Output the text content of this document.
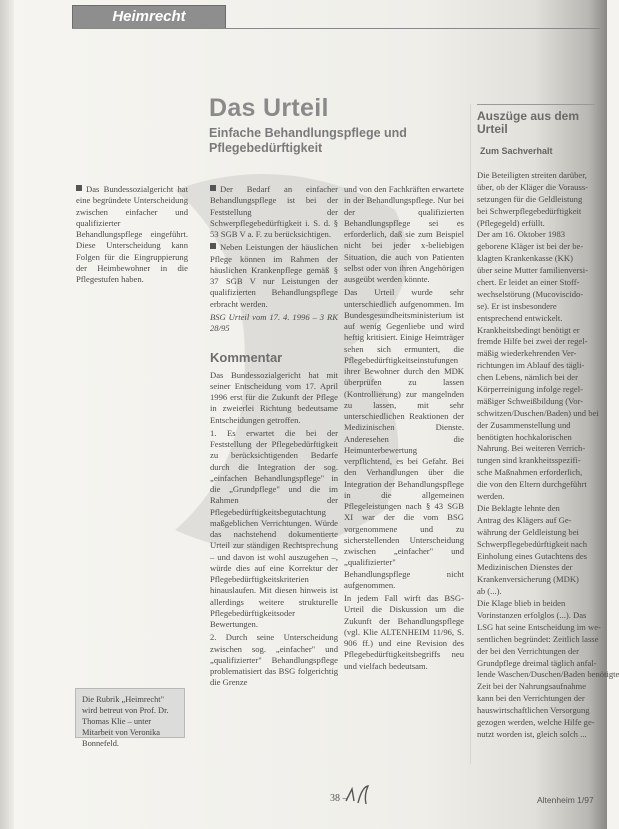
Heimrecht
Das Urteil
Einfache Behandlungspflege und Pflegebedürftigkeit

Das Bundessozialgericht hat eine begründete Unterscheidung zwischen einfacher und qualifizierter Behandlungspflege eingeführt. Diese Unterscheidung kann Folgen für die Eingruppierung der Heimbewohner in die Pflegestufen haben.

Der Bedarf an einfacher Behandlungspflege ist bei der Feststellung der Schwerpflegebedürftigkeit i. S. d. § 53 SGB V a. F. zu berücksichtigen.

Neben Leistungen der häuslichen Pflege können im Rahmen der häuslichen Krankenpflege gemäß § 37 SGB V nur Leistungen der qualifizierten Behandlungspflege erbracht werden.

BSG Urteil vom 17. 4. 1996 – 3 RK 28/95

Kommentar

Das Bundessozialgericht hat mit seiner Entscheidung vom 17. April 1996 erst für die Zukunft der Pflege in zweierlei Richtung bedeutsame Entscheidungen getroffen.

1. Es erwartet die bei der Feststellung der Pflegebedürftigkeit zu berücksichtigenden Bedarfe durch die Integration der sog. „einfachen Behandlungspflege" in die „Grundpflege" und die im Rahmen der Pflegebedürftigkeitsbegutachtung maßgeblichen Verrichtungen. Würde das nachstehend dokumentierte Urteil zur ständigen Rechtsprechung – und davon ist wohl auszugehen –, würde dies auf eine Korrektur der Pflegebedürftigkeitskriterien hinauslaufen. Mit diesen hinweis ist allerdings weitere strukturelle Pflegebedürftigkeitsoder Bewertungen.

2. Durch seine Unterscheidung zwischen sog. „einfacher" und „qualifizierter" Behandlungspflege problematisiert das BSG folgerichtig die Grenze

und von den Fachkräften erwartete in der Behandlungspflege. Nur bei der qualifizierten Behandlungspflege sei es erforderlich, daß sie zum Beispiel nicht bei jeder x-beliebigen Situation, die auch von Patienten selbst oder von ihren Angehörigen ausgeübt werden könnte.

Das Urteil wurde sehr unterschiedlich aufgenommen. Im Bundesgesundheitsministerium ist auf wenig Gegenliebe und wird heftig kritisiert. Einige Heimträger sehen sich ermuntert, die Pflegebedürftigkeitseinstufungen ihrer Bewohner durch den MDK überprüfen zu lassen (Kontrollierung) zur mangelnden zu lassen, mit sehr unterschiedlichen Reaktionen der Medizinischen Dienste. Anderesehen die Heimunterbewertung verpflichtend, es bei Gefahr. Bei den Verhandlungen über die Integration der Behandlungspflege in die allgemeinen Pflegeleistungen nach § 43 SGB XI war der die vom BSG vorgenommene und zu sicherstellenden Unterscheidung zwischen „einfacher" und „qualifizierter" Behandlungspflege nicht aufgenommen.

In jedem Fall wirft das BSG-Urteil die Diskussion um die Zukunft der Behandlungspflege (vgl. Klie ALTENHEIM 11/96, S. 906 ff.) und eine Revision des Pflegebedürftigkeitsbegriffs neu und vielfach bedeutsam.

Auszüge aus dem Urteil
Zum Sachverhalt
Die Beteiligten streiten darüber,
über, ob der Kläger die Vorauss-
setzungen für die Geldleistung
bei Schwerpflegebedürftigkeit
(Pflegegeld) erfüllt.
Der am 16. Oktober 1983
geborene Kläger ist bei der be-
klagten Krankenkasse (KK)
über seine Mutter familienversi-
chert. Er leidet an einer Stoff-
wechselstörung (Mucoviscido-
se). Er ist insbesondere
entsprechend entwickelt.
Krankheitsbedingt benötigt er
fremde Hilfe bei zwei der regel-
mäßig wiederkehrenden Ver-
richtungen im Ablauf des tägli-
chen Lebens, nämlich bei der
Körperreinigung infolge regel-
mäßiger Schweißbildung (Vor-
schwitzen/Duschen/Baden) und bei
der Zusammenstellung und
benötigten hochkalorischen
Nahrung. Bei weiteren Verrich-
tungen sind krankheitsspezifi-
sche Maßnahmen erforderlich,
die von den Eltern durchgeführt
werden.
Die Beklagte lehnte den
Antrag des Klägers auf Ge-
währung der Geldleistung bei
Schwerpflegebedürftigkeit nach
Einholung eines Gutachtens des
Medizinischen Dienstes der
Krankenversicherung (MDK)
ab (...).
Die Klage blieb in beiden
Vorinstanzen erfolglos (...). Das
LSG hat seine Entscheidung im we-
sentlichen begründet: Zeitlich lasse
der bei den Verrichtungen der
Grundpflege dreimal täglich anfal-
lende Waschen/Duschen/Baden benötigte
Zeit bei der Nahrungsaufnahme
kann bei den Verrichtungen der
hauswirtschaftlichen Versorgung
gezogen werden, welche Hilfe ge-
nutzt worden ist, gleich solch ...
Die Rubrik „Heimrecht" wird betreut von Prof. Dr. Thomas Klie – unter Mitarbeit von Veronika Bonnefeld.
38 –	Altenheim 1/97
